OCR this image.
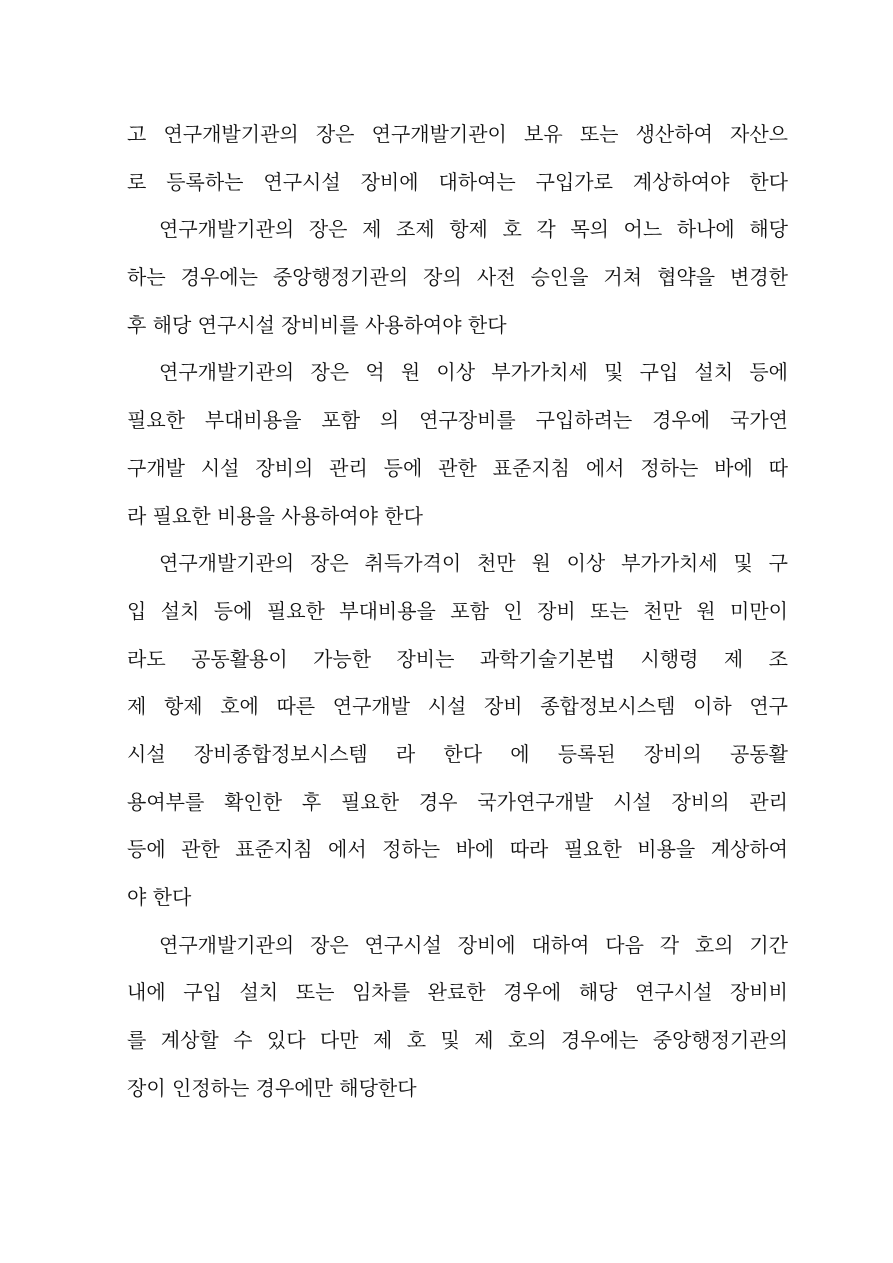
고 연구개발기관의 장은 연구개발기관이 보유 또는 생산하여 자산으
로 등록하는 연구시설 장비에 대하여는 구입가로 계상하여야 한다
연구개발기관의 장은 제 조제 항제 호 각 목의 어느 하나에 해당
하는 경우에는 중앙행정기관의 장의 사전 승인을 거쳐 협약을 변경한
후 해당 연구시설 장비비를 사용하여야 한다
연구개발기관의 장은 억 원 이상 부가가치세 및 구입 설치 등에
필요한 부대비용을 포함 의 연구장비를 구입하려는 경우에 국가연
구개발 시설 장비의 관리 등에 관한 표준지침 에서 정하는 바에 따
라 필요한 비용을 사용하여야 한다
연구개발기관의 장은 취득가격이 천만 원 이상 부가가치세 및 구
입 설치 등에 필요한 부대비용을 포함 인 장비 또는 천만 원 미만이
라도 공동활용이 가능한 장비는 과학기술기본법 시행령 제 조
제 항제 호에 따른 연구개발 시설 장비 종합정보시스템 이하 연구
시설 장비종합정보시스템 라 한다 에 등록된 장비의 공동활
용여부를 확인한 후 필요한 경우 국가연구개발 시설 장비의 관리
등에 관한 표준지침 에서 정하는 바에 따라 필요한 비용을 계상하여
야 한다
연구개발기관의 장은 연구시설 장비에 대하여 다음 각 호의 기간
내에 구입 설치 또는 임차를 완료한 경우에 해당 연구시설 장비비
를 계상할 수 있다 다만 제 호 및 제 호의 경우에는 중앙행정기관의
장이 인정하는 경우에만 해당한다
